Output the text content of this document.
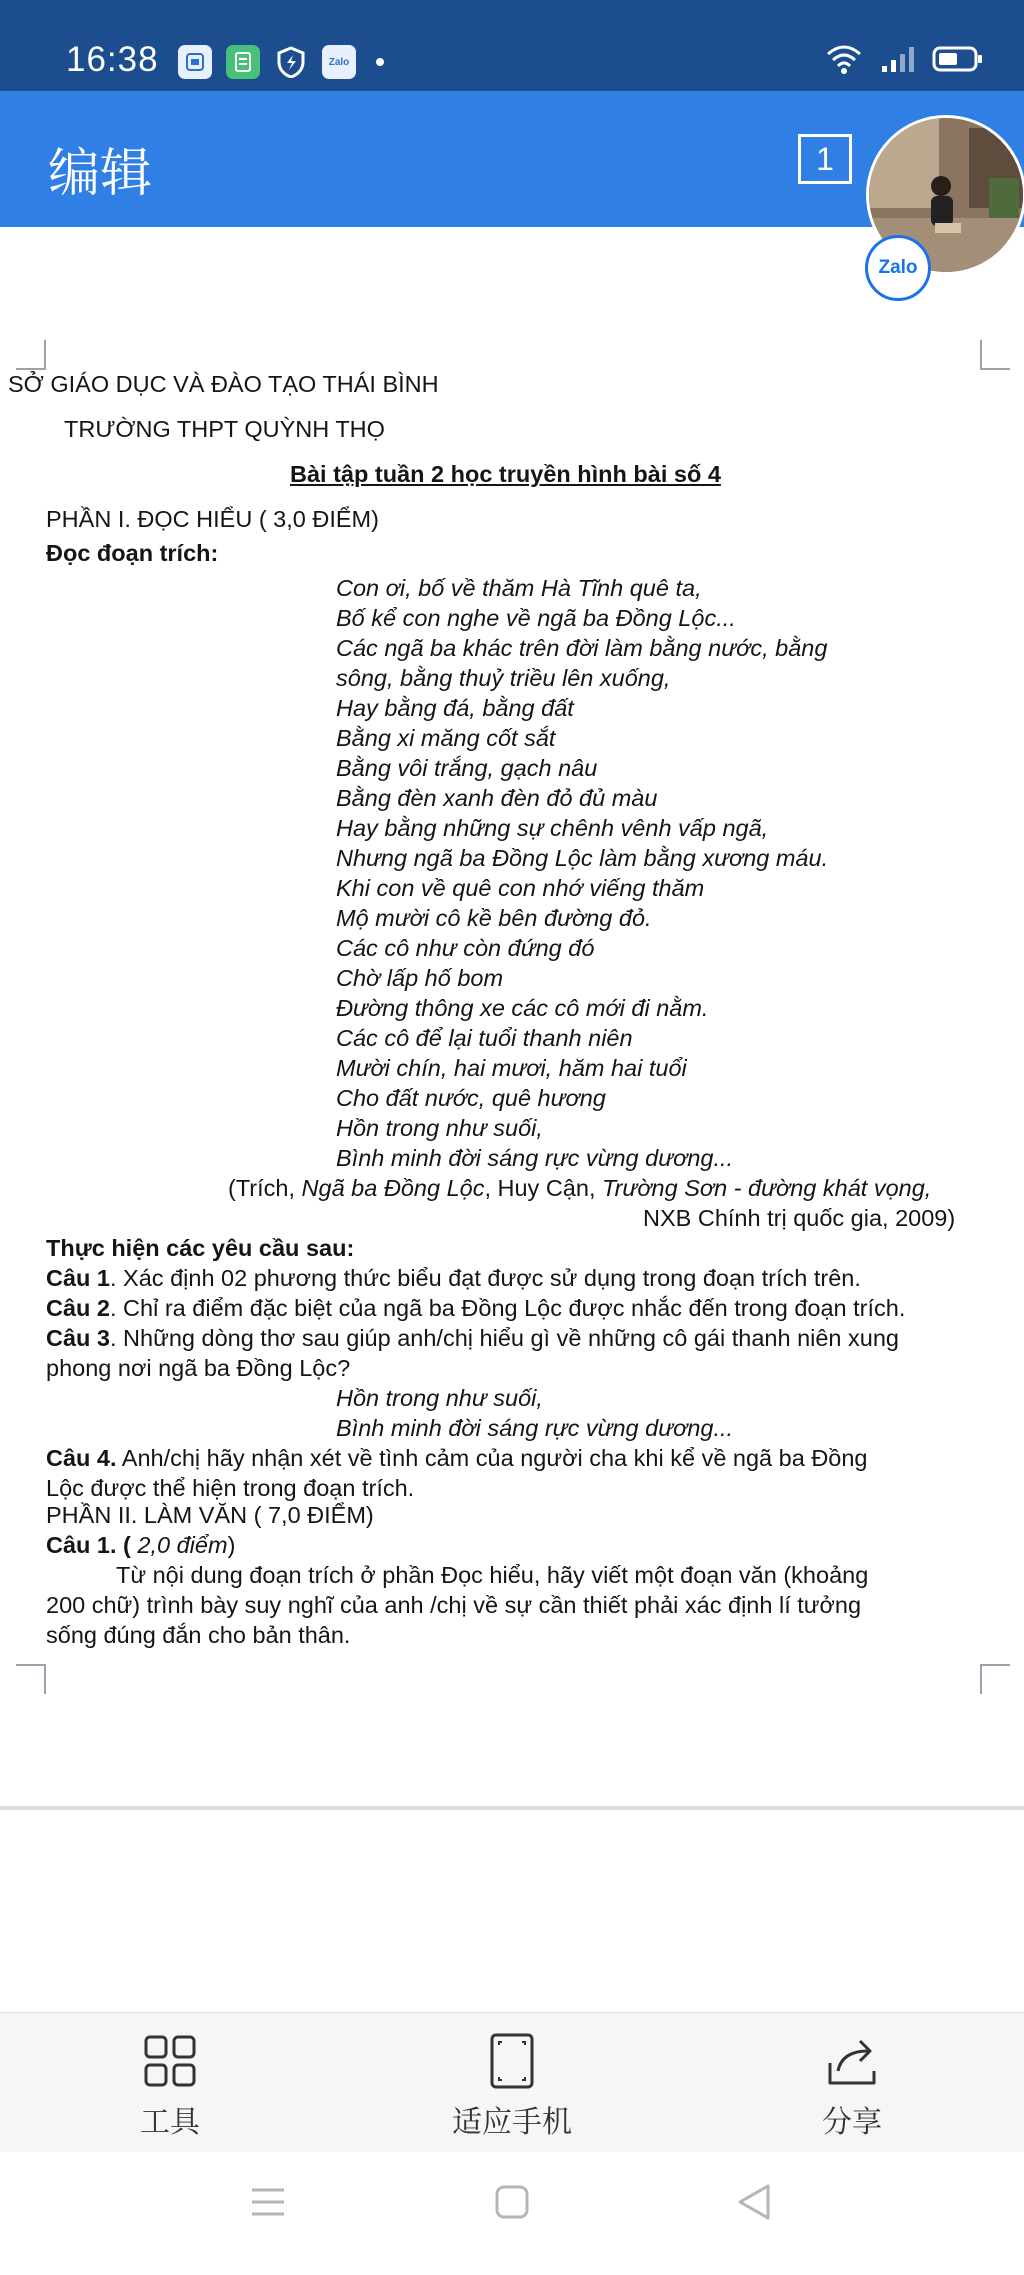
16:38	Zalo
编辑	1
Zalo
SỞ GIÁO DỤC VÀ ĐÀO TẠO THÁI BÌNH
TRƯỜNG THPT QUỲNH THỌ
Bài tập tuần 2 học truyền hình bài số 4
PHẦN I. ĐỌC HIỂU ( 3,0 ĐIỂM)
Đọc đoạn trích:
Con ơi, bố về thăm Hà Tĩnh quê ta,
Bố kể con nghe về ngã ba Đồng Lộc...
Các ngã ba khác trên đời làm bằng nước, bằng
sông, bằng thuỷ triều lên xuống,
Hay bằng đá, bằng đất
Bằng xi măng cốt sắt
Bằng vôi trắng, gạch nâu
Bằng đèn xanh đèn đỏ đủ màu
Hay bằng những sự chênh vênh vấp ngã,
Nhưng ngã ba Đồng Lộc làm bằng xương máu.
Khi con về quê con nhớ viếng thăm
Mộ mười cô kề bên đường đỏ.
Các cô như còn đứng đó
Chờ lấp hố bom
Đường thông xe các cô mới đi nằm.
Các cô để lại tuổi thanh niên
Mười chín, hai mươi, hăm hai tuổi
Cho đất nước, quê hương
Hồn trong như suối,
Bình minh đời sáng rực vừng dương...
(Trích, Ngã ba Đồng Lộc, Huy Cận, Trường Sơn - đường khát vọng,
NXB Chính trị quốc gia, 2009)
Thực hiện các yêu cầu sau:
Câu 1. Xác định 02 phương thức biểu đạt được sử dụng trong đoạn trích trên.
Câu 2. Chỉ ra điểm đặc biệt của ngã ba Đồng Lộc được nhắc đến trong đoạn trích.
Câu 3. Những dòng thơ sau giúp anh/chị hiểu gì về những cô gái thanh niên xung
phong nơi ngã ba Đồng Lộc?
Hồn trong như suối,
Bình minh đời sáng rực vừng dương...
Câu 4. Anh/chị hãy nhận xét về tình cảm của người cha khi kể về ngã ba Đồng
Lộc được thể hiện trong đoạn trích.
PHẦN II. LÀM VĂN ( 7,0 ĐIỂM)
Câu 1. ( 2,0 điểm)
Từ nội dung đoạn trích ở phần Đọc hiểu, hãy viết một đoạn văn (khoảng
200 chữ) trình bày suy nghĩ của anh /chị về sự cần thiết phải xác định lí tưởng
sống đúng đắn cho bản thân.
工具	适应手机	分享
